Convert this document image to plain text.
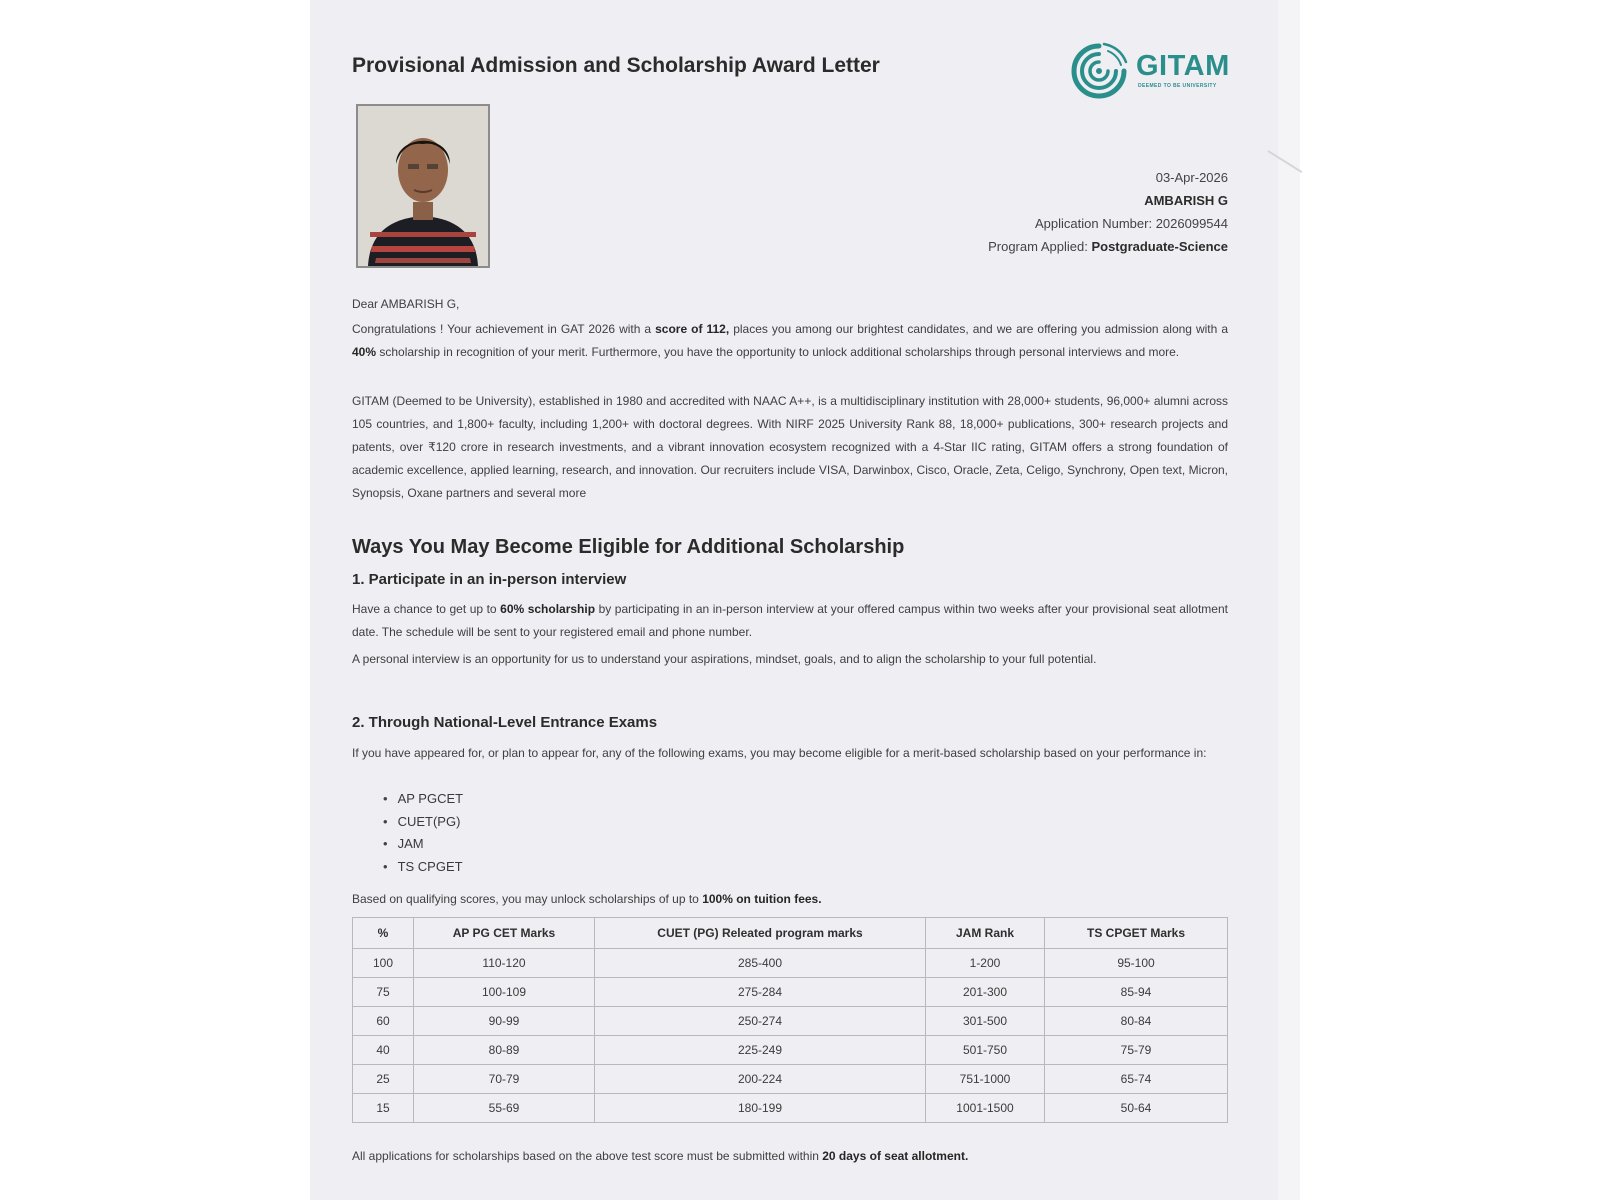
Provisional Admission and Scholarship Award Letter	GITAM
DEEMED TO BE UNIVERSITY
03-Apr-2026
AMBARISH G
Application Number: 2026099544
Program Applied: Postgraduate-Science

Dear AMBARISH G,

Congratulations ! Your achievement in GAT 2026 with a score of 112, places you among our brightest candidates, and we are offering you admission along with a 40% scholarship in recognition of your merit. Furthermore, you have the opportunity to unlock additional scholarships through personal interviews and more.

GITAM (Deemed to be University), established in 1980 and accredited with NAAC A++, is a multidisciplinary institution with 28,000+ students, 96,000+ alumni across 105 countries, and 1,800+ faculty, including 1,200+ with doctoral degrees. With NIRF 2025 University Rank 88, 18,000+ publications, 300+ research projects and patents, over ₹120 crore in research investments, and a vibrant innovation ecosystem recognized with a 4-Star IIC rating, GITAM offers a strong foundation of academic excellence, applied learning, research, and innovation. Our recruiters include VISA, Darwinbox, Cisco, Oracle, Zeta, Celigo, Synchrony, Open text, Micron, Synopsis, Oxane partners and several more

Ways You May Become Eligible for Additional Scholarship
1. Participate in an in-person interview

Have a chance to get up to 60% scholarship by participating in an in-person interview at your offered campus within two weeks after your provisional seat allotment date. The schedule will be sent to your registered email and phone number.

A personal interview is an opportunity for us to understand your aspirations, mindset, goals, and to align the scholarship to your full potential.

2. Through National-Level Entrance Exams

If you have appeared for, or plan to appear for, any of the following exams, you may become eligible for a merit-based scholarship based on your performance in:

• AP PGCET
• CUET(PG)
• JAM
• TS CPGET

Based on qualifying scores, you may unlock scholarships of up to 100% on tuition fees.

%	AP PG CET Marks	CUET (PG) Releated program marks	JAM Rank	TS CPGET Marks
100	110-120	285-400	1-200	95-100
75	100-109	275-284	201-300	85-94
60	90-99	250-274	301-500	80-84
40	80-89	225-249	501-750	75-79
25	70-79	200-224	751-1000	65-74
15	55-69	180-199	1001-1500	50-64

All applications for scholarships based on the above test score must be submitted within 20 days of seat allotment.
